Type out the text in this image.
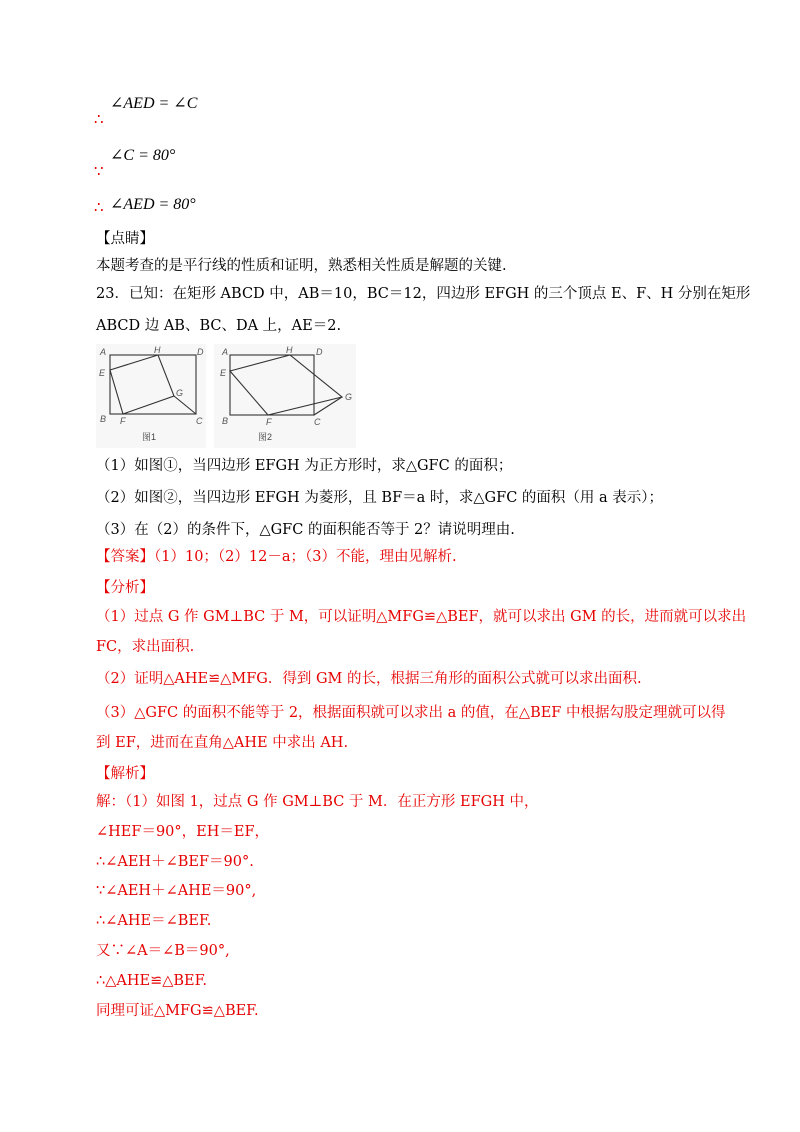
∴
∠AED = ∠C
∵
∠C = 80°
∴ ∠AED = 80°
【点睛】
本题考查的是平行线的性质和证明，熟悉相关性质是解题的关键.
23．已知：在矩形 ABCD 中，AB＝10，BC＝12，四边形 EFGH 的三个顶点 E、F、H 分别在矩形
ABCD 边 AB、BC、DA 上，AE＝2.
A	H	D
E
G
B F	C
图1
A	H	D
E
G
B	F	C
图2
（1）如图①，当四边形 EFGH 为正方形时，求△GFC 的面积；
（2）如图②，当四边形 EFGH 为菱形，且 BF＝a 时，求△GFC 的面积（用 a 表示）；
（3）在（2）的条件下，△GFC 的面积能否等于 2？请说明理由.
【答案】（1）10；（2）12－a；（3）不能，理由见解析.
【分析】
（1）过点 G 作 GM⊥BC 于 M，可以证明△MFG≌△BEF，就可以求出 GM 的长，进而就可以求出
FC，求出面积.
（2）证明△AHE≌△MFG．得到 GM 的长，根据三角形的面积公式就可以求出面积.
（3）△GFC 的面积不能等于 2，根据面积就可以求出 a 的值，在△BEF 中根据勾股定理就可以得
到 EF，进而在直角△AHE 中求出 AH.
【解析】
解：（1）如图 1，过点 G 作 GM⊥BC 于 M．在正方形 EFGH 中，
∠HEF＝90°，EH＝EF，
∴∠AEH＋∠BEF＝90°.
∵∠AEH＋∠AHE＝90°,
∴∠AHE＝∠BEF.
又∵∠A＝∠B＝90°,
∴△AHE≌△BEF.
同理可证△MFG≌△BEF.
